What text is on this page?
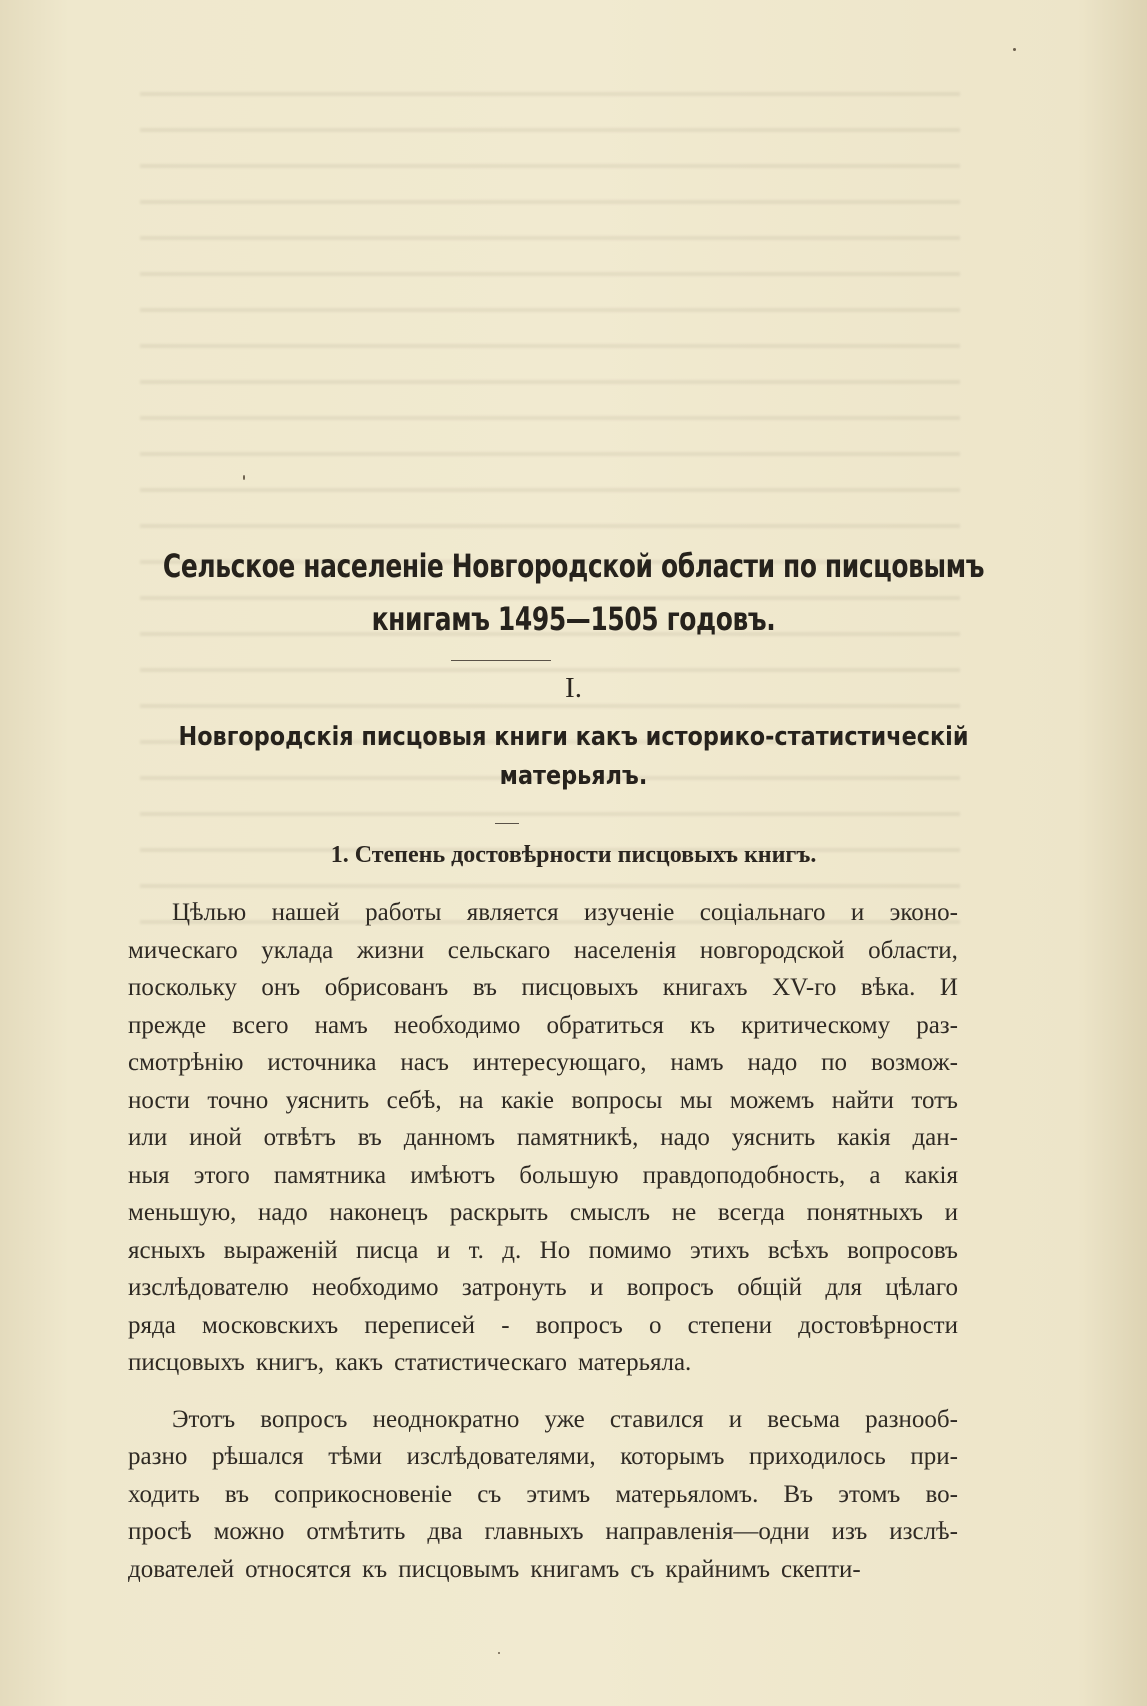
Сельское населеніе Новгородской области по писцовымъ
книгамъ 1495—1505 годовъ.
I.
Новгородскія писцовыя книги какъ историко-статистическій
матерьялъ.
1. Степень достовѣрности писцовыхъ книгъ.
Цѣлью нашей работы является изученіе соціальнаго и эконо-
мическаго уклада жизни сельскаго населенія новгородской области,
поскольку онъ обрисованъ въ писцовыхъ книгахъ XV-го вѣка. И
прежде всего намъ необходимо обратиться къ критическому раз-
смотрѣнію источника насъ интересующаго, намъ надо по возмож-
ности точно уяснить себѣ, на какіе вопросы мы можемъ найти тотъ
или иной отвѣтъ въ данномъ памятникѣ, надо уяснить какія дан-
ныя этого памятника имѣютъ большую правдоподобность, а какія
меньшую, надо наконецъ раскрыть смыслъ не всегда понятныхъ и
ясныхъ выраженій писца и т. д. Но помимо этихъ всѣхъ вопросовъ
изслѣдователю необходимо затронуть и вопросъ общій для цѣлаго
ряда московскихъ переписей - вопросъ о степени достовѣрности
писцовыхъ книгъ, какъ статистическаго матерьяла.
Этотъ вопросъ неоднократно уже ставился и весьма разнооб-
разно рѣшался тѣми изслѣдователями, которымъ приходилось при-
ходить въ соприкосновеніе съ этимъ матерьяломъ. Въ этомъ во-
просѣ можно отмѣтить два главныхъ направленія—одни изъ изслѣ-
дователей относятся къ писцовымъ книгамъ съ крайнимъ скепти-
